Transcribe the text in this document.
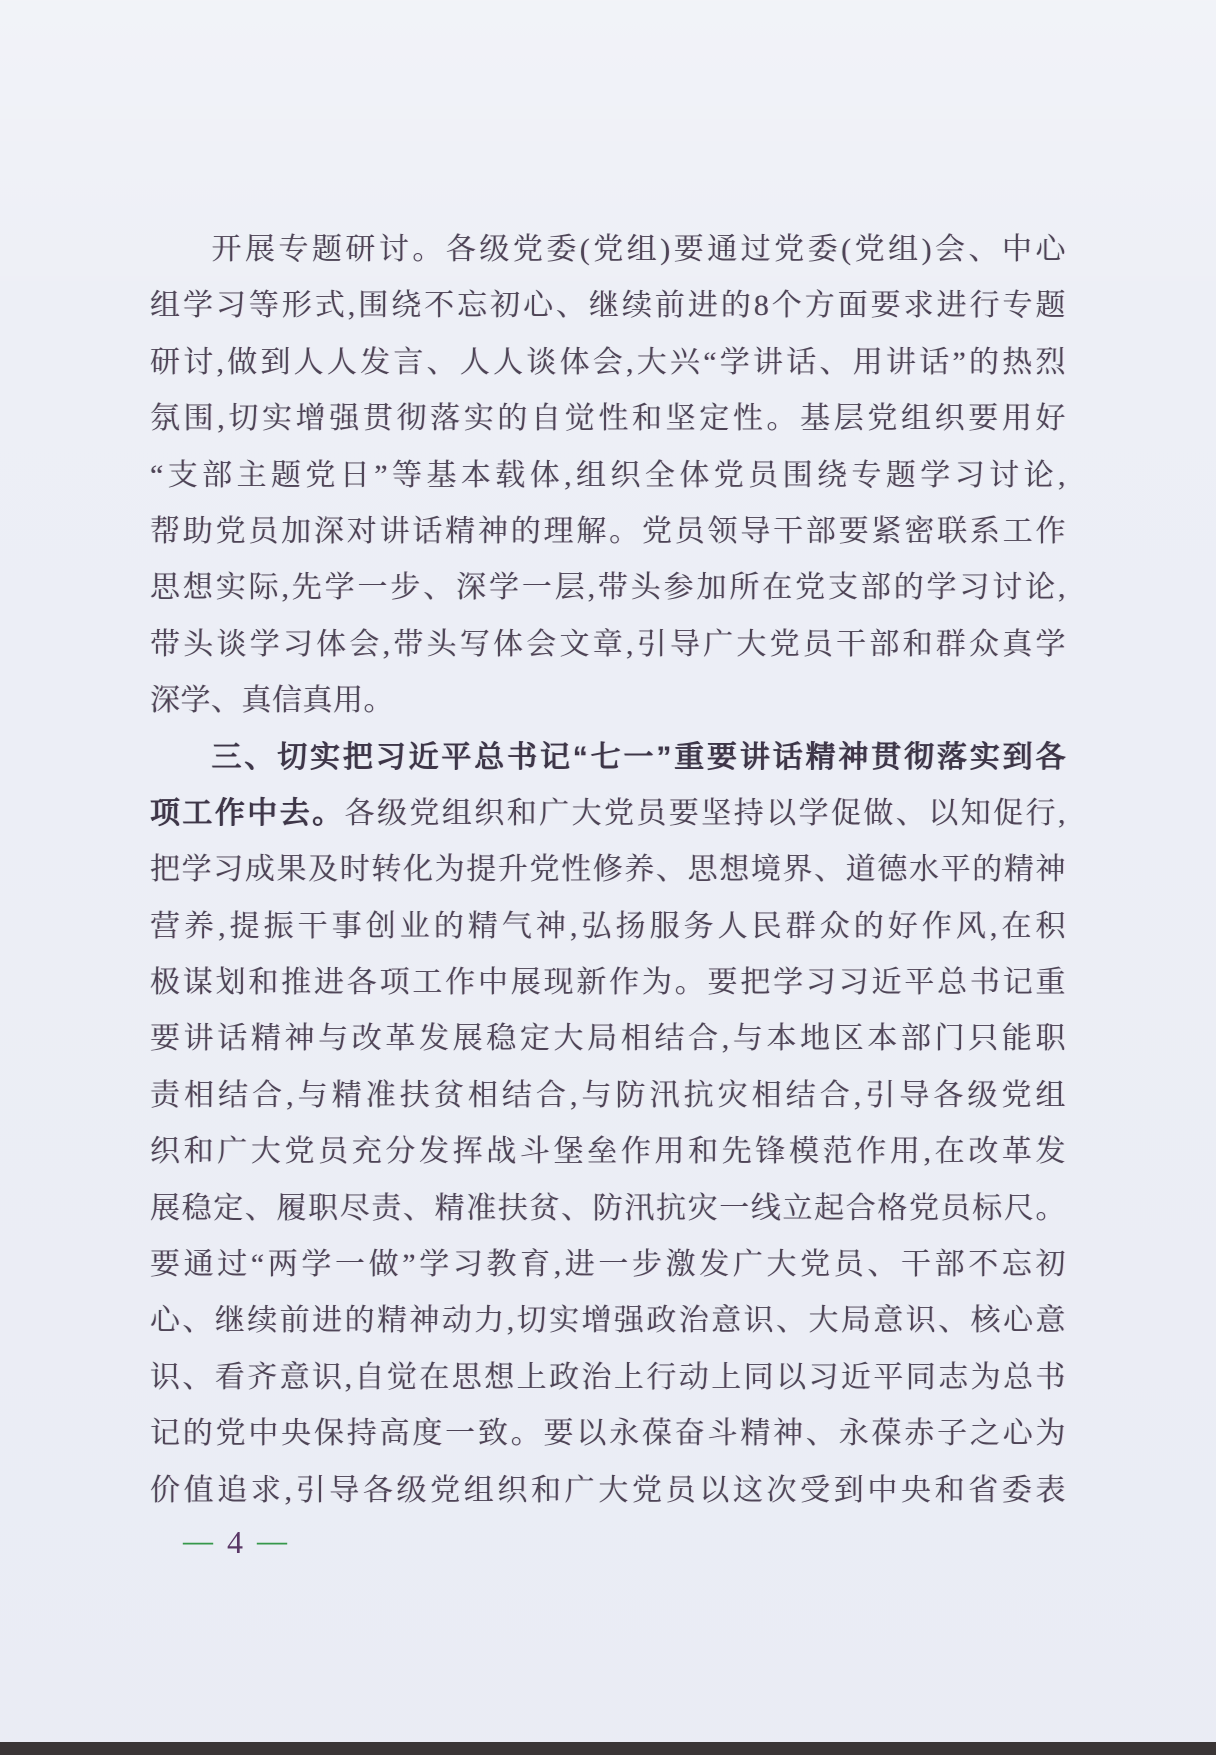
开展专题研讨。各级党委(党组)要通过党委(党组)会、中心
组学习等形式,围绕不忘初心、继续前进的8个方面要求进行专题
研讨,做到人人发言、人人谈体会,大兴“学讲话、用讲话”的热烈
氛围,切实增强贯彻落实的自觉性和坚定性。基层党组织要用好
“支部主题党日”等基本载体,组织全体党员围绕专题学习讨论,
帮助党员加深对讲话精神的理解。党员领导干部要紧密联系工作
思想实际,先学一步、深学一层,带头参加所在党支部的学习讨论,
带头谈学习体会,带头写体会文章,引导广大党员干部和群众真学
深学、真信真用。
三、切实把习近平总书记“七一”重要讲话精神贯彻落实到各
项工作中去。各级党组织和广大党员要坚持以学促做、以知促行,
把学习成果及时转化为提升党性修养、思想境界、道德水平的精神
营养,提振干事创业的精气神,弘扬服务人民群众的好作风,在积
极谋划和推进各项工作中展现新作为。要把学习习近平总书记重
要讲话精神与改革发展稳定大局相结合,与本地区本部门只能职
责相结合,与精准扶贫相结合,与防汛抗灾相结合,引导各级党组
织和广大党员充分发挥战斗堡垒作用和先锋模范作用,在改革发
展稳定、履职尽责、精准扶贫、防汛抗灾一线立起合格党员标尺。
要通过“两学一做”学习教育,进一步激发广大党员、干部不忘初
心、继续前进的精神动力,切实增强政治意识、大局意识、核心意
识、看齐意识,自觉在思想上政治上行动上同以习近平同志为总书
记的党中央保持高度一致。要以永葆奋斗精神、永葆赤子之心为
价值追求,引导各级党组织和广大党员以这次受到中央和省委表
— 4 —
